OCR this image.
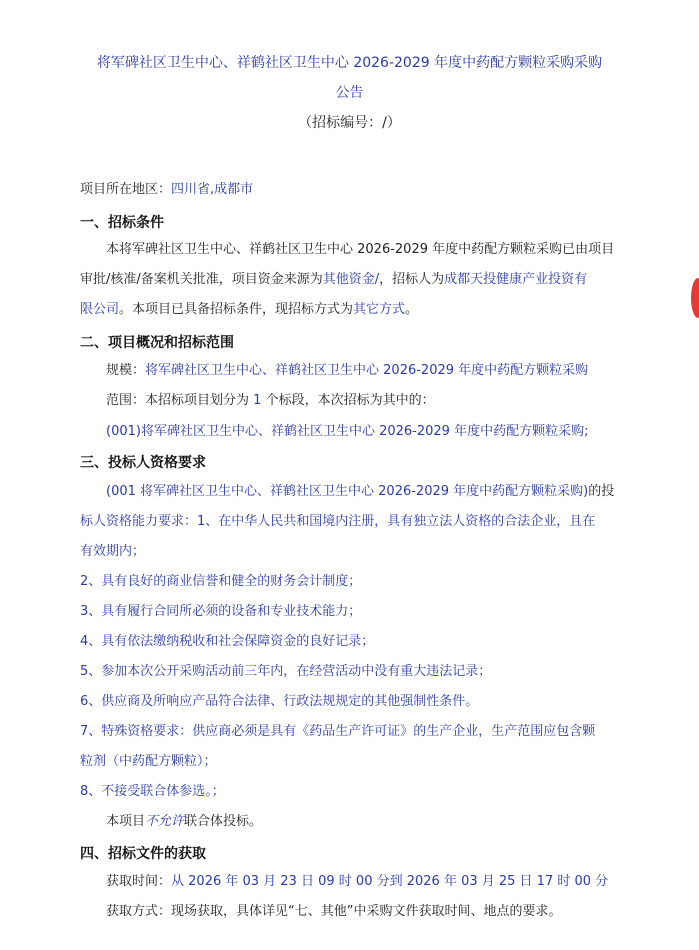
将军碑社区卫生中心、祥鹤社区卫生中心 2026-2029 年度中药配方颗粒采购采购
公告
（招标编号：/）
项目所在地区：四川省,成都市
一、招标条件
本将军碑社区卫生中心、祥鹤社区卫生中心 2026-2029 年度中药配方颗粒采购已由项目
审批/核准/备案机关批准，项目资金来源为其他资金/，招标人为成都天投健康产业投资有
限公司。本项目已具备招标条件，现招标方式为其它方式。
二、项目概况和招标范围
规模：将军碑社区卫生中心、祥鹤社区卫生中心 2026-2029 年度中药配方颗粒采购
范围：本招标项目划分为 1 个标段，本次招标为其中的：
(001)将军碑社区卫生中心、祥鹤社区卫生中心 2026-2029 年度中药配方颗粒采购;
三、投标人资格要求
(001 将军碑社区卫生中心、祥鹤社区卫生中心 2026-2029 年度中药配方颗粒采购)的投
标人资格能力要求：1、在中华人民共和国境内注册，具有独立法人资格的合法企业，且在
有效期内；
2、具有良好的商业信誉和健全的财务会计制度；
3、具有履行合同所必须的设备和专业技术能力；
4、具有依法缴纳税收和社会保障资金的良好记录；
5、参加本次公开采购活动前三年内，在经营活动中没有重大违法记录；
6、供应商及所响应产品符合法律、行政法规规定的其他强制性条件。
7、特殊资格要求：供应商必须是具有《药品生产许可证》的生产企业，生产范围应包含颗
粒剂（中药配方颗粒）；
8、不接受联合体参选。；
本项目不允许联合体投标。
四、招标文件的获取
获取时间：从 2026 年 03 月 23 日 09 时 00 分到 2026 年 03 月 25 日 17 时 00 分
获取方式：现场获取，具体详见“七、其他”中采购文件获取时间、地点的要求。
